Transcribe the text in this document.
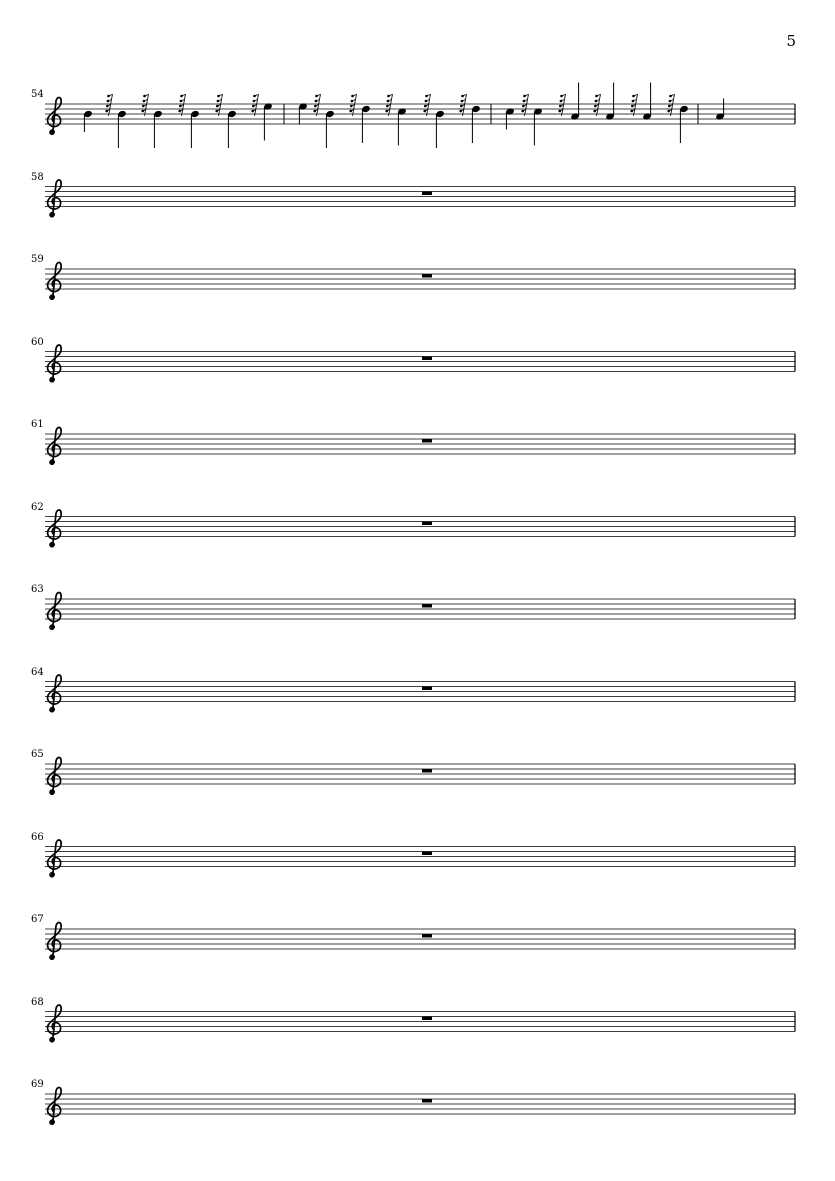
5
54
58
59
60
61
62
63
64
65
66
67
68
69
